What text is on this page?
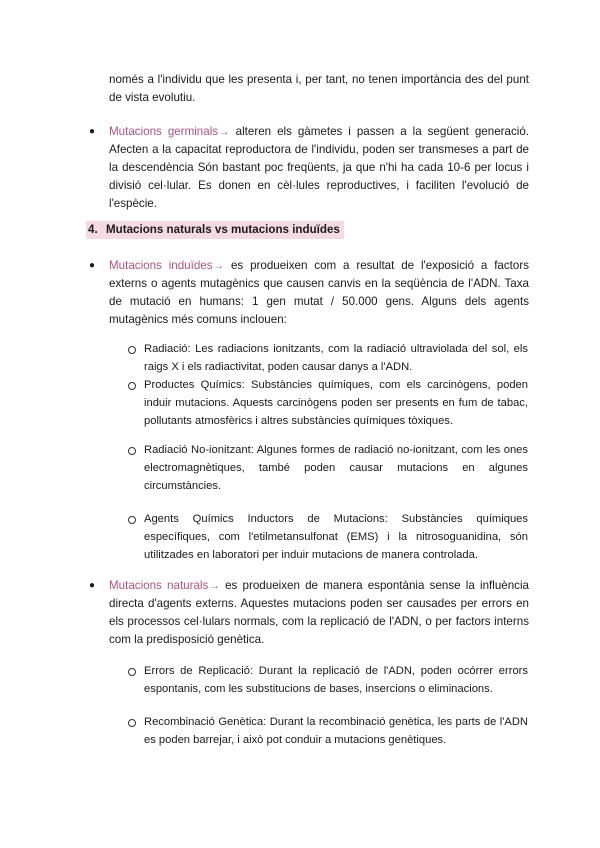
només a l'individu que les presenta i, per tant, no tenen importància des del punt de vista evolutiu.

● Mutacions germinals→ alteren els gàmetes i passen a la següent generació. Afecten a la capacitat reproductora de l'individu, poden ser transmeses a part de la descendència Són bastant poc freqüents, ja que n'hi ha cada 10-6 per locus i divisió cel·lular. Es donen en cèl·lules reproductives, i faciliten l'evolució de l'espècie.

4. Mutacions naturals vs mutacions induïdes
● Mutacions induïdes→ es produeixen com a resultat de l'exposició a factors externs o agents mutagènics que causen canvis en la seqüència de l'ADN. Taxa de mutació en humans: 1 gen mutat / 50.000 gens. Alguns dels agents mutagènics més comuns inclouen:

Radiació: Les radiacions ionitzants, com la radiació ultraviolada del sol, els raigs X i els radiactivitat, poden causar danys a l'ADN.

Productes Químics: Substàncies químiques, com els carcinògens, poden induir mutacions. Aquests carcinògens poden ser presents en fum de tabac, pollutants atmosfèrics i altres substàncies químiques tòxiques.

Radiació No-ionitzant: Algunes formes de radiació no-ionitzant, com les ones electromagnètiques, també poden causar mutacions en algunes circumstàncies.

Agents Químics Inductors de Mutacions: Substàncies químiques específiques, com l'etilmetansulfonat (EMS) i la nitrosoguanidina, són utilitzades en laboratori per induir mutacions de manera controlada.

● Mutacions naturals→ es produeixen de manera espontània sense la influència directa d'agents externs. Aquestes mutacions poden ser causades per errors en els processos cel·lulars normals, com la replicació de l'ADN, o per factors interns com la predisposició genètica.

Errors de Replicació: Durant la replicació de l'ADN, poden ocórrer errors espontanis, com les substitucions de bases, insercions o eliminacions.

Recombinació Genètica: Durant la recombinació genètica, les parts de l'ADN es poden barrejar, i això pot conduir a mutacions genètiques.
